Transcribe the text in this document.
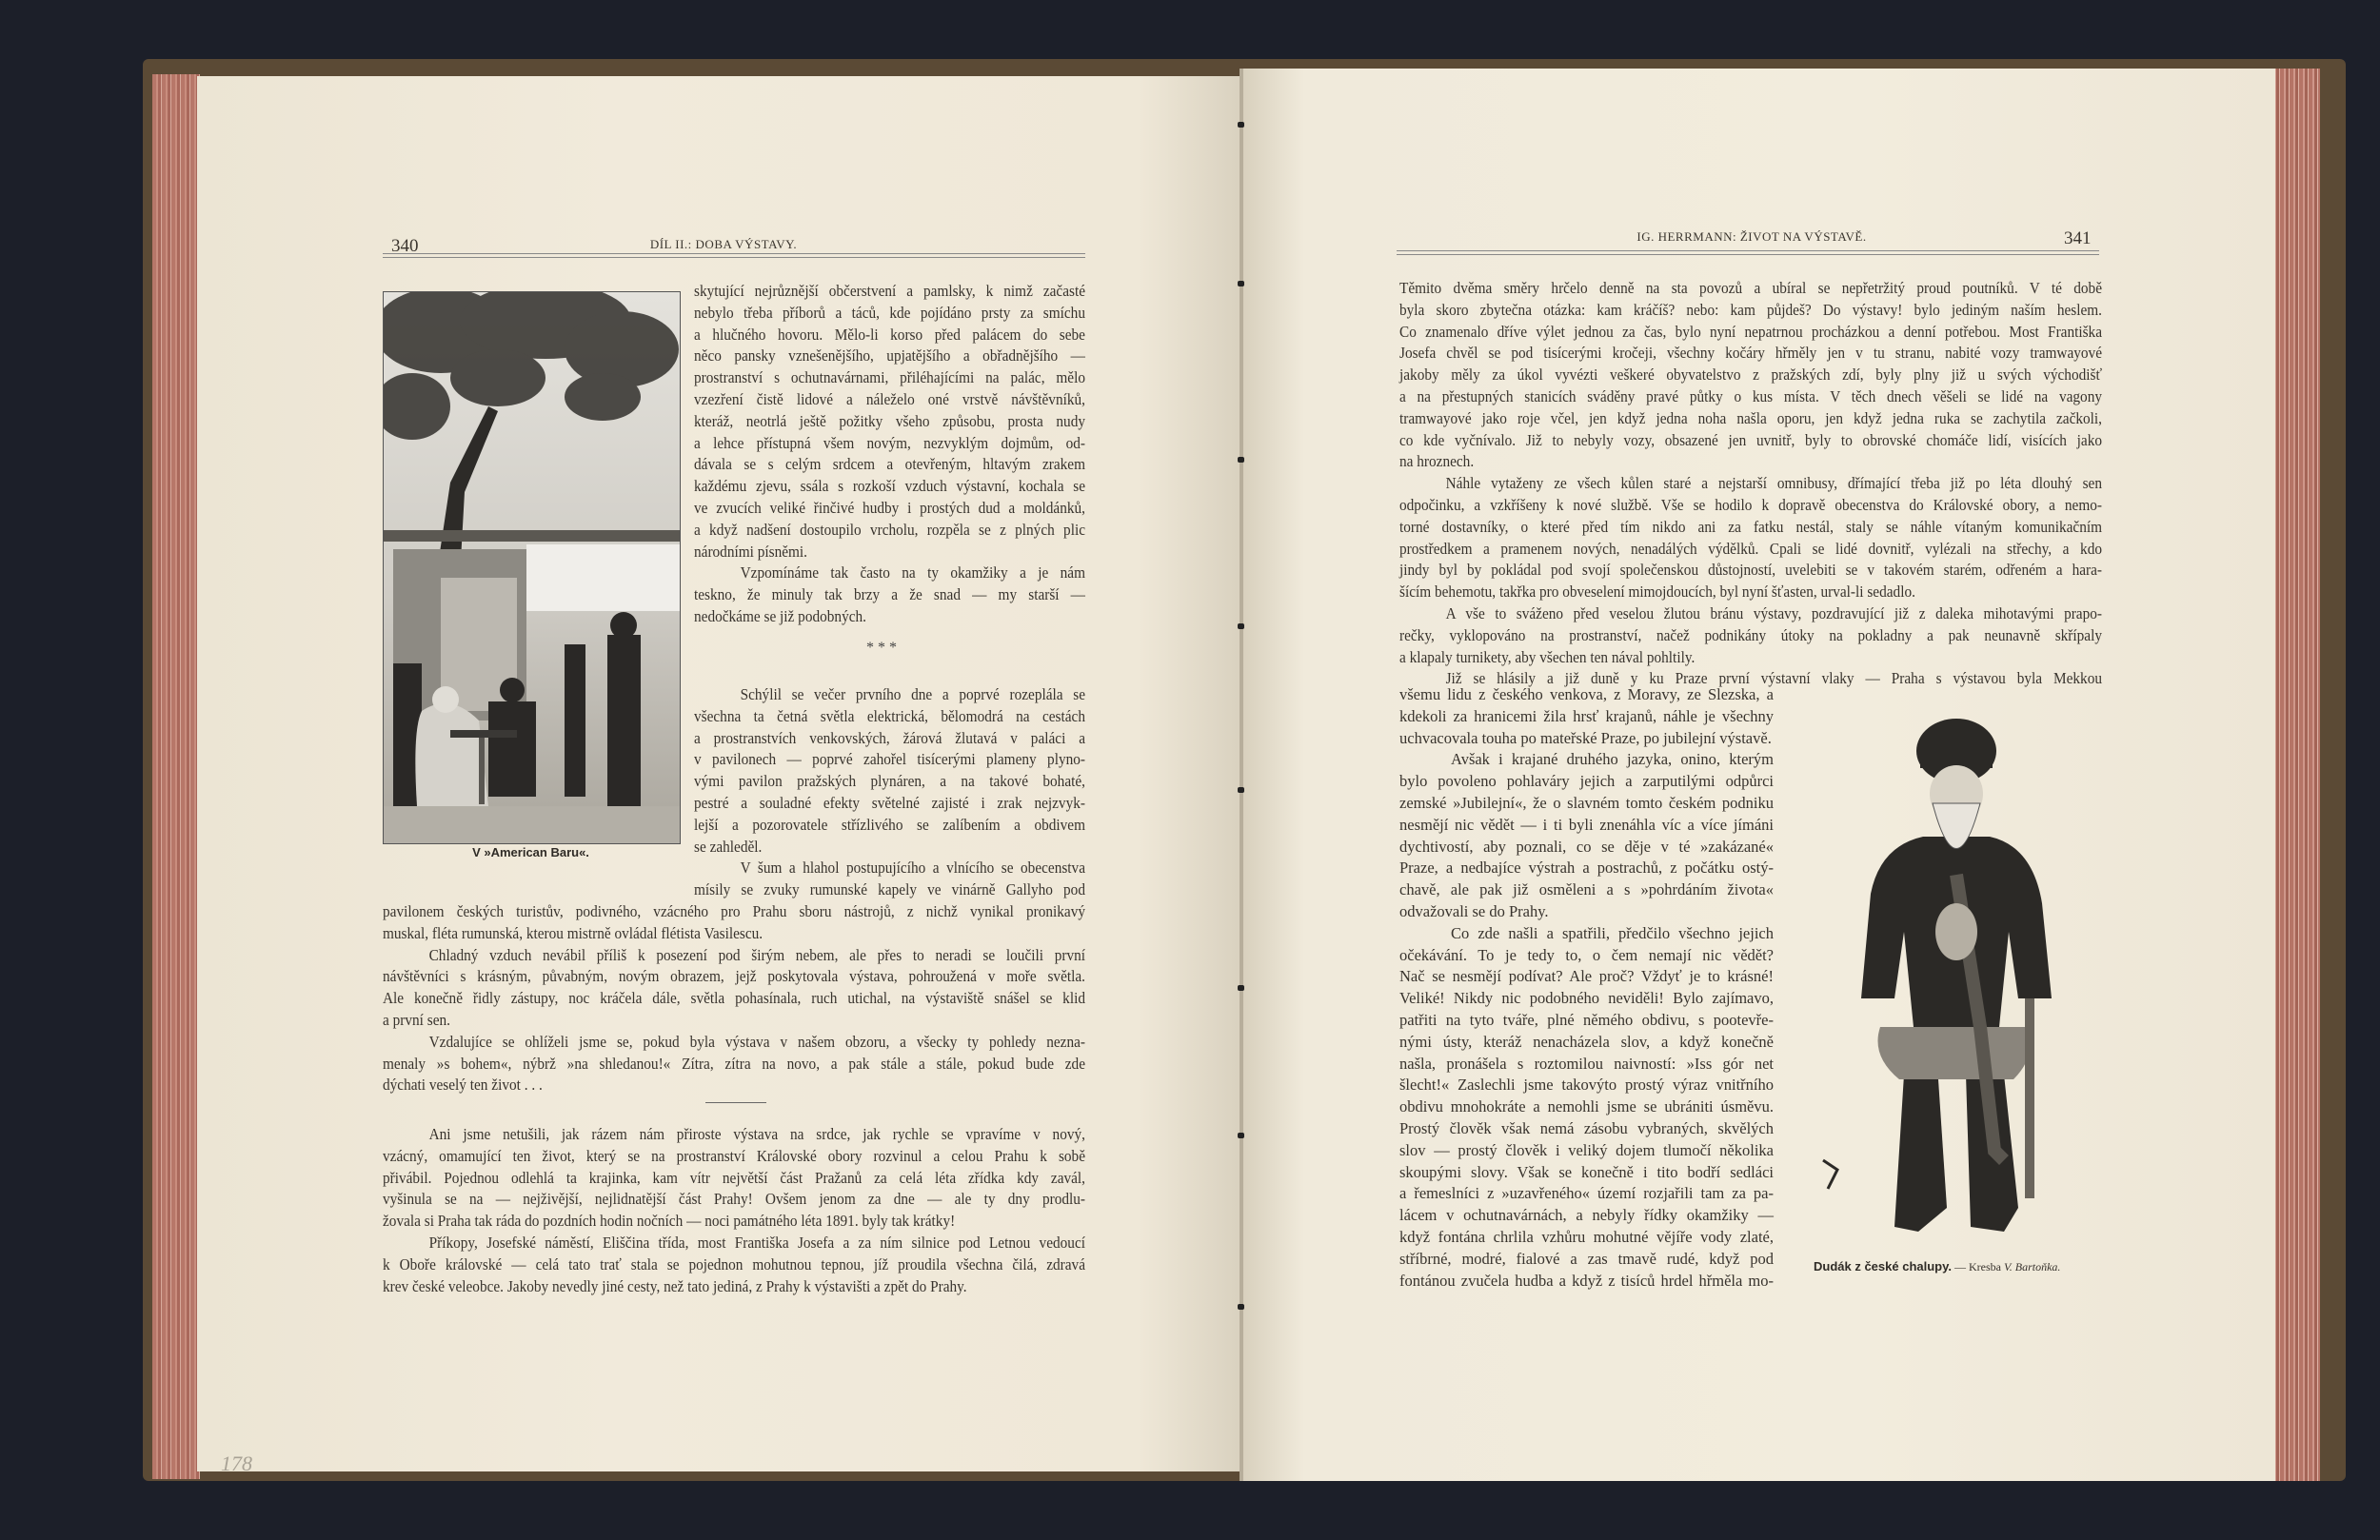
340	DÍL II.: DOBA VÝSTAVY.
V »American Baru«.
skytující nejrůznější občerstvení a pamlsky, k nimž začasté
nebylo třeba příborů a táců, kde pojídáno prsty za smíchu
a hlučného hovoru. Mělo-li korso před palácem do sebe
něco pansky vznešenějšího, upjatějšího a obřadnějšího —
prostranství s ochutnavárnami, přiléhajícími na palác, mělo
vzezření čistě lidové a náleželo oné vrstvě návštěvníků,
kteráž, neotrlá ještě požitky všeho způsobu, prosta nudy
a lehce přístupná všem novým, nezvyklým dojmům, od-
dávala se s celým srdcem a otevřeným, hltavým zrakem
každému zjevu, ssála s rozkoší vzduch výstavní, kochala se
ve zvucích veliké řinčivé hudby i prostých dud a moldánků,
a když nadšení dostoupilo vrcholu, rozpěla se z plných plic
národními písněmi.
Vzpomínáme tak často na ty okamžiky a je nám
teskno, že minuly tak brzy a že snad — my starší —
nedočkáme se již podobných.
* * *
Schýlil se večer prvního dne a poprvé rozeplála se
všechna ta četná světla elektrická, bělomodrá na cestách
a prostranstvích venkovských, žárová žlutavá v paláci a
v pavilonech — poprvé zahořel tisícerými plameny plyno-
vými pavilon pražských plynáren, a na takové bohaté,
pestré a souladné efekty světelné zajisté i zrak nejzvyk-
lejší a pozorovatele střízlivého se zalíbením a obdivem
se zahleděl.
V šum a hlahol postupujícího a vlnícího se obecenstva
mísily se zvuky rumunské kapely ve vinárně Gallyho pod
pavilonem českých turistův, podivného, vzácného pro Prahu sboru nástrojů, z nichž vynikal pronikavý
muskal, fléta rumunská, kterou mistrně ovládal flétista Vasilescu.
Chladný vzduch nevábil příliš k posezení pod širým nebem, ale přes to neradi se loučili první
návštěvníci s krásným, půvabným, novým obrazem, jejž poskytovala výstava, pohroužená v moře světla.
Ale konečně řidly zástupy, noc kráčela dále, světla pohasínala, ruch utichal, na výstaviště snášel se klid
a první sen.
Vzdalujíce se ohlíželi jsme se, pokud byla výstava v našem obzoru, a všecky ty pohledy nezna-
menaly »s bohem«, nýbrž »na shledanou!« Zítra, zítra na novo, a pak stále a stále, pokud bude zde
dýchati veselý ten život . . .
Ani jsme netušili, jak rázem nám přiroste výstava na srdce, jak rychle se vpravíme v nový,
vzácný, omamující ten život, který se na prostranství Královské obory rozvinul a celou Prahu k sobě
přivábil. Pojednou odlehlá ta krajinka, kam vítr největší část Pražanů za celá léta zřídka kdy zavál,
vyšinula se na — nejživější, nejlidnatější část Prahy! Ovšem jenom za dne — ale ty dny prodlu-
žovala si Praha tak ráda do pozdních hodin nočních — noci památného léta 1891. byly tak krátky!
Příkopy, Josefské náměstí, Eliščina třída, most Františka Josefa a za ním silnice pod Letnou vedoucí
k Oboře královské — celá tato trať stala se pojednon mohutnou tepnou, jíž proudila všechna čilá, zdravá
krev české veleobce. Jakoby nevedly jiné cesty, než tato jediná, z Prahy k výstavišti a zpět do Prahy.
178
IG. HERRMANN: ŽIVOT NA VÝSTAVĚ.	341
Těmito dvěma směry hrčelo denně na sta povozů a ubíral se nepřetržitý proud poutníků. V té době
byla skoro zbytečna otázka: kam kráčíš? nebo: kam půjdeš? Do výstavy! bylo jediným naším heslem.
Co znamenalo dříve výlet jednou za čas, bylo nyní nepatrnou procházkou a denní potřebou. Most Františka
Josefa chvěl se pod tisícerými kročeji, všechny kočáry hřměly jen v tu stranu, nabité vozy tramwayové
jakoby měly za úkol vyvézti veškeré obyvatelstvo z pražských zdí, byly plny již u svých východišť
a na přestupných stanicích sváděny pravé půtky o kus místa. V těch dnech věšeli se lidé na vagony
tramwayové jako roje včel, jen když jedna noha našla oporu, jen když jedna ruka se zachytila začkoli,
co kde vyčnívalo. Již to nebyly vozy, obsazené jen uvnitř, byly to obrovské chomáče lidí, visících jako
na hroznech.
Náhle vytaženy ze všech kůlen staré a nejstarší omnibusy, dřímající třeba již po léta dlouhý sen
odpočinku, a vzkříšeny k nové službě. Vše se hodilo k dopravě obecenstva do Královské obory, a nemo-
torné dostavníky, o které před tím nikdo ani za fatku nestál, staly se náhle vítaným komunikačním
prostředkem a pramenem nových, nenadálých výdělků. Cpali se lidé dovnitř, vylézali na střechy, a kdo
jindy byl by pokládal pod svojí společenskou důstojností, uvelebiti se v takovém starém, odřeném a hara-
šícím behemotu, takřka pro obveselení mimojdoucích, byl nyní šťasten, urval-li sedadlo.
A vše to sváženo před veselou žlutou bránu výstavy, pozdravující již z daleka mihotavými prapo-
rečky, vyklopováno na prostranství, načež podnikány útoky na pokladny a pak neunavně skřípaly
a klapaly turnikety, aby všechen ten nával pohltily.
Již se hlásily a již duně y ku Praze první výstavní vlaky — Praha s výstavou byla Mekkou
všemu lidu z českého venkova, z Moravy, ze Slezska, a
kdekoli za hranicemi žila hrsť krajanů, náhle je všechny
uchvacovala touha po mateřské Praze, po jubilejní výstavě.
Avšak i krajané druhého jazyka, onino, kterým
bylo povoleno pohlaváry jejich a zarputilými odpůrci
zemské »Jubilejní«, že o slavném tomto českém podniku
nesmějí nic vědět — i ti byli znenáhla víc a více jímáni
dychtivostí, aby poznali, co se děje v té »zakázané«
Praze, a nedbajíce výstrah a postrachů, z počátku ostý-
chavě, ale pak již osměleni a s »pohrdáním života«
odvažovali se do Prahy.
Co zde našli a spatřili, předčilo všechno jejich
očekávání. To je tedy to, o čem nemají nic vědět?
Nač se nesmějí podívat? Ale proč? Vždyť je to krásné!
Veliké! Nikdy nic podobného neviděli! Bylo zajímavo,
patřiti na tyto tváře, plné němého obdivu, s pootevře-
nými ústy, kteráž nenacházela slov, a když konečně
našla, pronášela s roztomilou naivností: »Iss gór net
šlecht!« Zaslechli jsme takovýto prostý výraz vnitřního
obdivu mnohokráte a nemohli jsme se ubrániti úsměvu.
Prostý člověk však nemá zásobu vybraných, skvělých
slov — prostý člověk i veliký dojem tlumočí několika
skoupými slovy. Však se konečně i tito bodří sedláci
a řemeslníci z »uzavřeného« území rozjařili tam za pa-
lácem v ochutnavárnách, a nebyly řídky okamžiky —
když fontána chrlila vzhůru mohutné vějíře vody zlaté,
stříbrné, modré, fialové a zas tmavě rudé, když pod
fontánou zvučela hudba a když z tisíců hrdel hřměla mo-
Dudák z české chalupy. — Kresba V. Bartoňka.
